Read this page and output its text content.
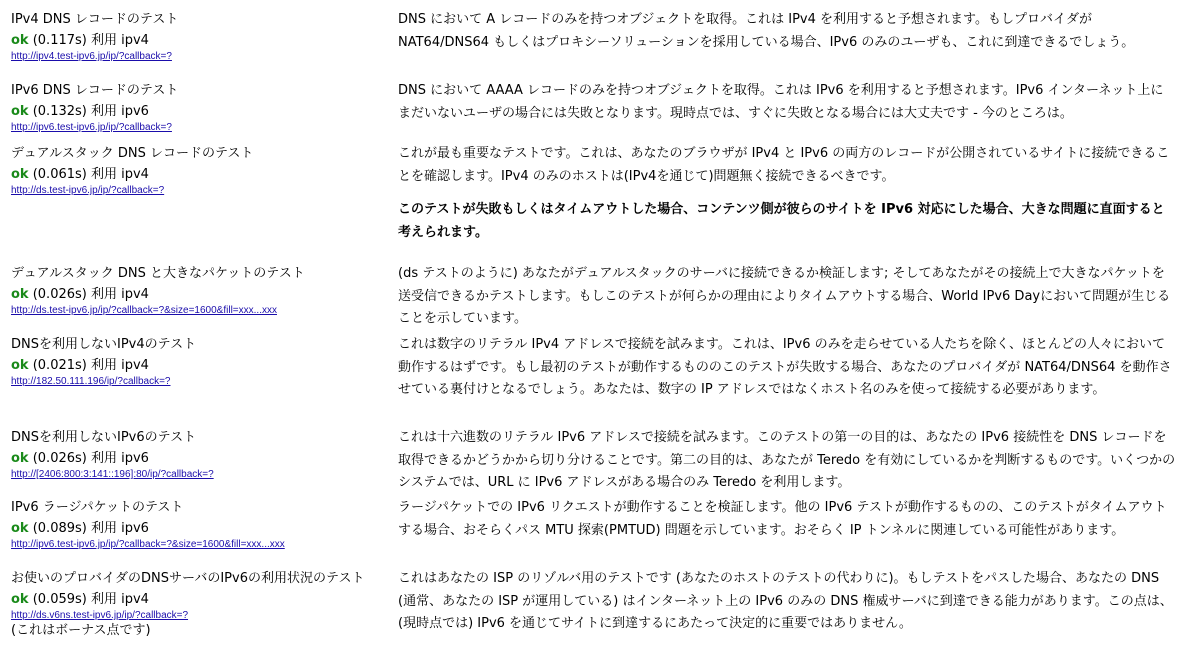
IPv4 DNS レコードのテスト
ok (0.117s) 利用 ipv4
http://ipv4.test-ipv6.jp/ip/?callback=?

DNS において A レコードのみを持つオブジェクトを取得。これは IPv4 を利用すると予想されます。もしプロバイダが NAT64/DNS64 もしくはプロキシーソリューションを採用している場合、IPv6 のみのユーザも、これに到達できるでしょう。

IPv6 DNS レコードのテスト
ok (0.132s) 利用 ipv6
http://ipv6.test-ipv6.jp/ip/?callback=?

DNS において AAAA レコードのみを持つオブジェクトを取得。これは IPv6 を利用すると予想されます。IPv6 インターネット上にまだいないユーザの場合には失敗となります。現時点では、すぐに失敗となる場合には大丈夫です - 今のところは。

デュアルスタック DNS レコードのテスト
ok (0.061s) 利用 ipv4
http://ds.test-ipv6.jp/ip/?callback=?

これが最も重要なテストです。これは、あなたのブラウザが IPv4 と IPv6 の両方のレコードが公開されているサイトに接続できることを確認します。IPv4 のみのホストは(IPv4を通じて)問題無く接続できるべきです。

このテストが失敗もしくはタイムアウトした場合、コンテンツ側が彼らのサイトを IPv6 対応にした場合、大きな問題に直面すると考えられます。

デュアルスタック DNS と大きなパケットのテスト
ok (0.026s) 利用 ipv4
http://ds.test-ipv6.jp/ip/?callback=?&size=1600&fill=xxx...xxx

(ds テストのように) あなたがデュアルスタックのサーバに接続できるか検証します; そしてあなたがその接続上で大きなパケットを送受信できるかテストします。もしこのテストが何らかの理由によりタイムアウトする場合、World IPv6 Dayにおいて問題が生じることを示しています。

DNSを利用しないIPv4のテスト
ok (0.021s) 利用 ipv4
http://182.50.111.196/ip/?callback=?

これは数字のリテラル IPv4 アドレスで接続を試みます。これは、IPv6 のみを走らせている人たちを除く、ほとんどの人々において動作するはずです。もし最初のテストが動作するもののこのテストが失敗する場合、あなたのプロバイダが NAT64/DNS64 を動作させている裏付けとなるでしょう。あなたは、数字の IP アドレスではなくホスト名のみを使って接続する必要があります。

DNSを利用しないIPv6のテスト
ok (0.026s) 利用 ipv6
http://[2406:800:3:141::196]:80/ip/?callback=?

これは十六進数のリテラル IPv6 アドレスで接続を試みます。このテストの第一の目的は、あなたの IPv6 接続性を DNS レコードを取得できるかどうかから切り分けることです。第二の目的は、あなたが Teredo を有効にしているかを判断するものです。いくつかのシステムでは、URL に IPv6 アドレスがある場合のみ Teredo を利用します。

IPv6 ラージパケットのテスト
ok (0.089s) 利用 ipv6
http://ipv6.test-ipv6.jp/ip/?callback=?&size=1600&fill=xxx...xxx

ラージパケットでの IPv6 リクエストが動作することを検証します。他の IPv6 テストが動作するものの、このテストがタイムアウトする場合、おそらくパス MTU 探索(PMTUD) 問題を示しています。おそらく IP トンネルに関連している可能性があります。

お使いのプロバイダのDNSサーバのIPv6の利用状況のテスト
ok (0.059s) 利用 ipv4
http://ds.v6ns.test-ipv6.jp/ip/?callback=?
(これはボーナス点です)

これはあなたの ISP のリゾルバ用のテストです (あなたのホストのテストの代わりに)。もしテストをパスした場合、あなたの DNS (通常、あなたの ISP が運用している) はインターネット上の IPv6 のみの DNS 権威サーバに到達できる能力があります。この点は、(現時点では) IPv6 を通じてサイトに到達するにあたって決定的に重要ではありません。
